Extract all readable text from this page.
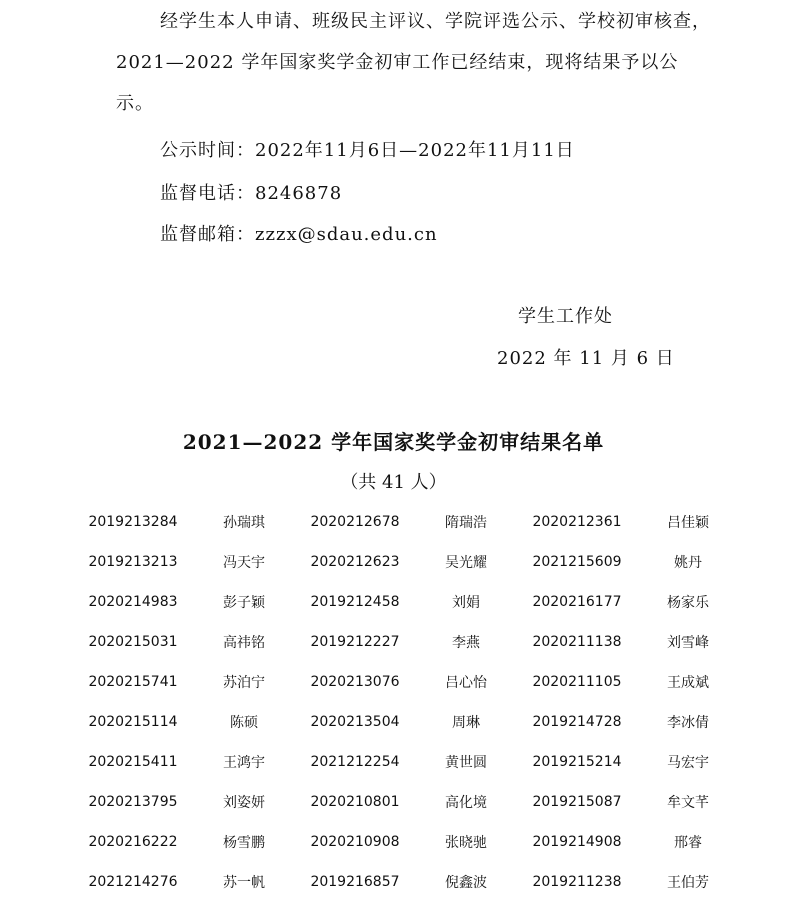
经学生本人申请、班级民主评议、学院评选公示、学校初审核查，2021—2022 学年国家奖学金初审工作已经结束，现将结果予以公示。
公示时间：2022年11月6日—2022年11月11日
监督电话：8246878
监督邮箱：zzzx@sdau.edu.cn
学生工作处
2022 年 11 月 6 日
2021—2022 学年国家奖学金初审结果名单
（共 41 人）
2019213284	孙瑞琪	2020212678	隋瑞浩	2020212361	吕佳颖
2019213213	冯天宇	2020212623	吴光耀	2021215609	姚丹
2020214983	彭子颖	2019212458	刘娟	2020216177	杨家乐
2020215031	高祎铭	2019212227	李燕	2020211138	刘雪峰
2020215741	苏泊宁	2020213076	吕心怡	2020211105	王成斌
2020215114	陈硕	2020213504	周琳	2019214728	李冰倩
2020215411	王鸿宇	2021212254	黄世圆	2019215214	马宏宇
2020213795	刘姿妍	2020210801	高化境	2019215087	牟文芊
2020216222	杨雪鹏	2020210908	张晓驰	2019214908	邢睿
2021214276	苏一帆	2019216857	倪鑫波	2019211238	王伯芳
